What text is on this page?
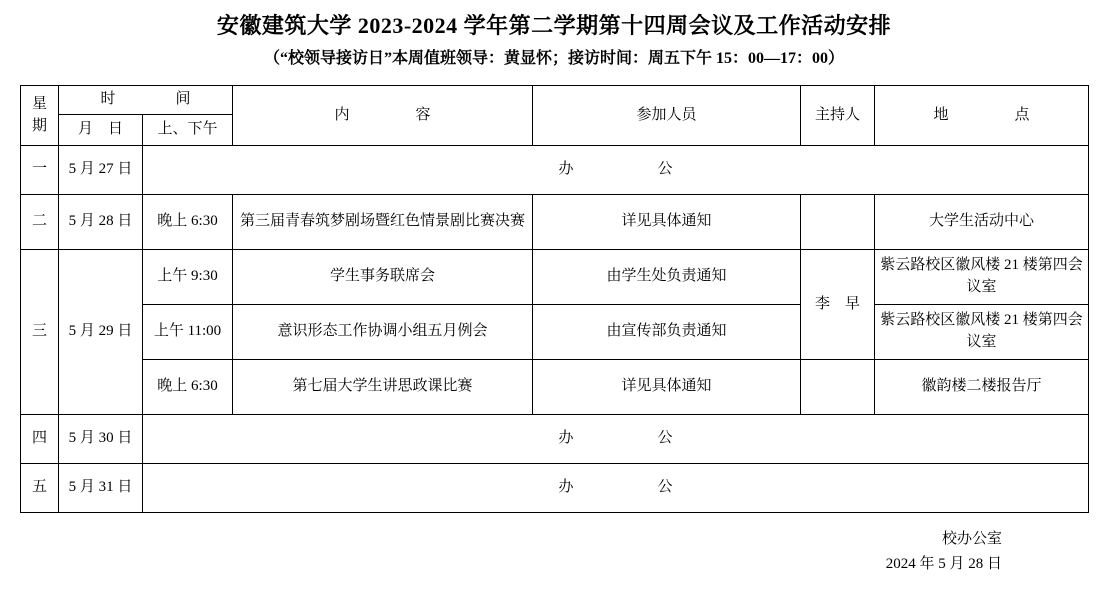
安徽建筑大学 2023-2024 学年第二学期第十四周会议及工作活动安排
（“校领导接访日”本周值班领导：黄显怀；接访时间：周五下午 15：00—17：00）
星
期	时　　间		内　　容	参加人员	主持人	地　　点
	月　日	上、下午				
一	5 月 27 日	办　　公				
二	5 月 28 日	晚上 6:30	第三届青春筑梦剧场暨红色情景剧比赛决赛	详见具体通知		大学生活动中心
三	5 月 29 日	上午 9:30	学生事务联席会	由学生处负责通知	李　早	紫云路校区徽风楼 21 楼第四会议室
		上午 11:00	意识形态工作协调小组五月例会	由宣传部负责通知		紫云路校区徽风楼 21 楼第四会议室
		晚上 6:30	第七届大学生讲思政课比赛	详见具体通知		徽韵楼二楼报告厅
四	5 月 30 日	办　　公				
五	5 月 31 日	办　　公				
校办公室
2024 年 5 月 28 日
